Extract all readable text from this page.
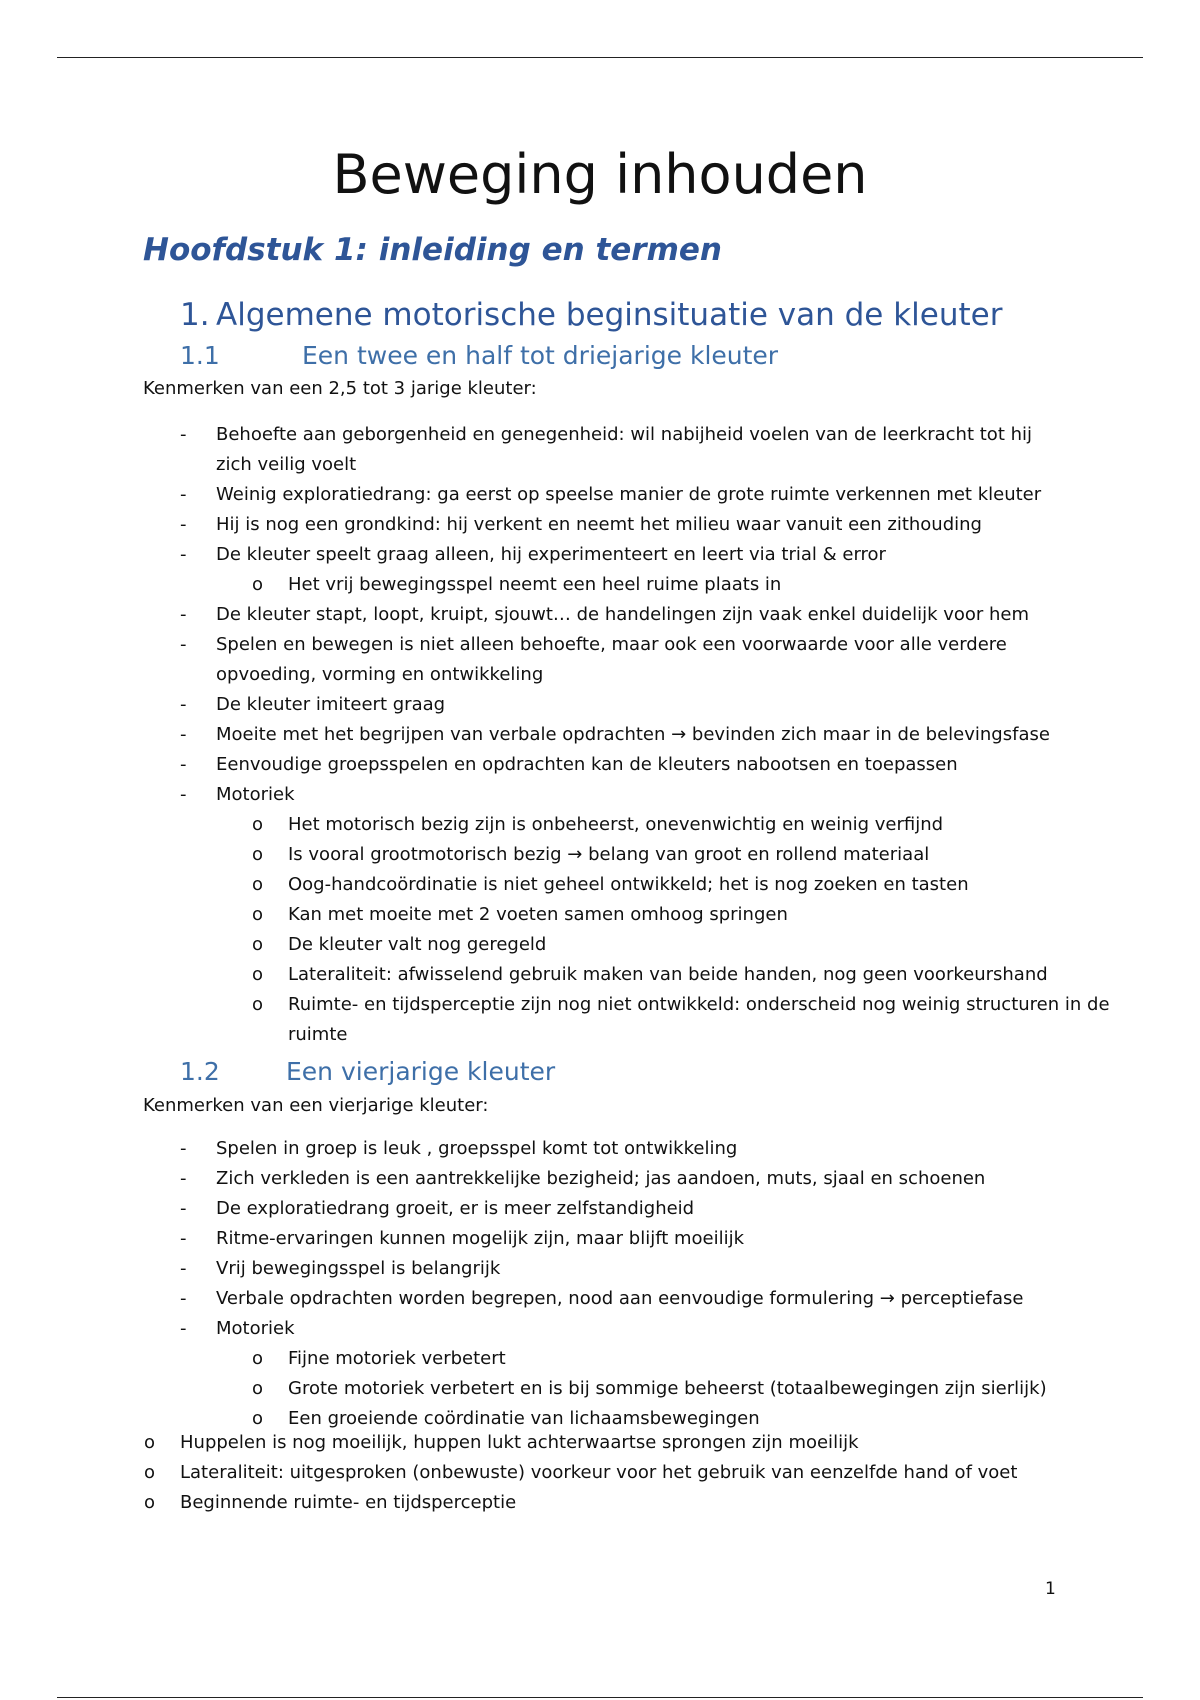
Beweging inhouden
Hoofdstuk 1: inleiding en termen
1. Algemene motorische beginsituatie van de kleuter
1.1	Een twee en half tot driejarige kleuter

Kenmerken van een 2,5 tot 3 jarige kleuter:

- Behoefte aan geborgenheid en genegenheid: wil nabijheid voelen van de leerkracht tot hij zich veilig voelt
- Weinig exploratiedrang: ga eerst op speelse manier de grote ruimte verkennen met kleuter
- Hij is nog een grondkind: hij verkent en neemt het milieu waar vanuit een zithouding
- De kleuter speelt graag alleen, hij experimenteert en leert via trial & error
o Het vrij bewegingsspel neemt een heel ruime plaats in
- De kleuter stapt, loopt, kruipt, sjouwt… de handelingen zijn vaak enkel duidelijk voor hem
- Spelen en bewegen is niet alleen behoefte, maar ook een voorwaarde voor alle verdere opvoeding, vorming en ontwikkeling
- De kleuter imiteert graag
- Moeite met het begrijpen van verbale opdrachten → bevinden zich maar in de belevingsfase
- Eenvoudige groepsspelen en opdrachten kan de kleuters nabootsen en toepassen
- Motoriek
o Het motorisch bezig zijn is onbeheerst, onevenwichtig en weinig verfijnd
o Is vooral grootmotorisch bezig → belang van groot en rollend materiaal
o Oog-handcoördinatie is niet geheel ontwikkeld; het is nog zoeken en tasten
o Kan met moeite met 2 voeten samen omhoog springen
o De kleuter valt nog geregeld
o Lateraliteit: afwisselend gebruik maken van beide handen, nog geen voorkeurshand
o Ruimte- en tijdsperceptie zijn nog niet ontwikkeld: onderscheid nog weinig structuren in de ruimte
1.2	Een vierjarige kleuter

Kenmerken van een vierjarige kleuter:

- Spelen in groep is leuk , groepsspel komt tot ontwikkeling
- Zich verkleden is een aantrekkelijke bezigheid; jas aandoen, muts, sjaal en schoenen
- De exploratiedrang groeit, er is meer zelfstandigheid
- Ritme-ervaringen kunnen mogelijk zijn, maar blijft moeilijk
- Vrij bewegingsspel is belangrijk
- Verbale opdrachten worden begrepen, nood aan eenvoudige formulering → perceptiefase
- Motoriek
o Fijne motoriek verbetert
o Grote motoriek verbetert en is bij sommige beheerst (totaalbewegingen zijn sierlijk)
o Een groeiende coördinatie van lichaamsbewegingen
o Huppelen is nog moeilijk, huppen lukt achterwaartse sprongen zijn moeilijk
o Lateraliteit: uitgesproken (onbewuste) voorkeur voor het gebruik van eenzelfde hand of voet
o Beginnende ruimte- en tijdsperceptie

1
